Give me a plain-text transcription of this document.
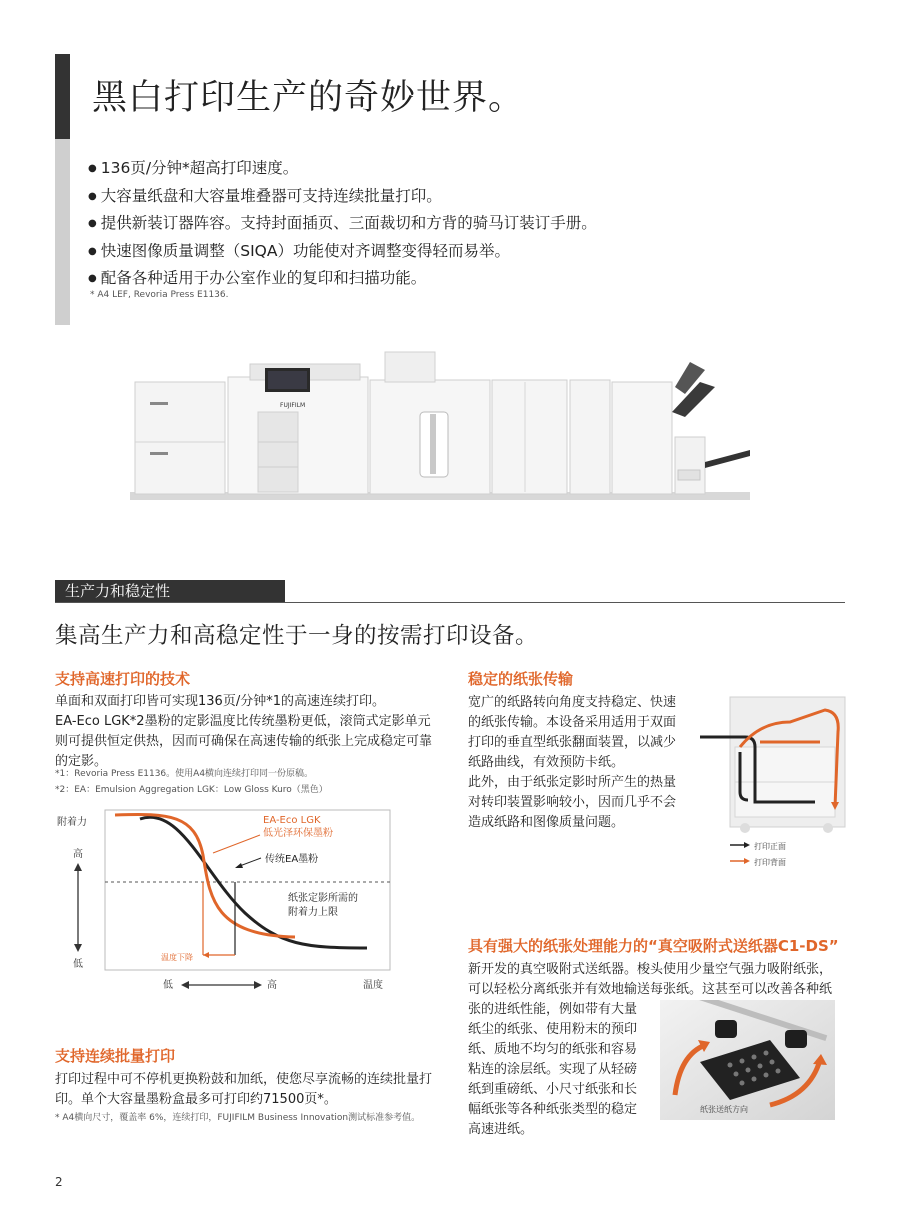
黑白打印生产的奇妙世界。
● 136页/分钟*超高打印速度。
● 大容量纸盘和大容量堆叠器可支持连续批量打印。
● 提供新装订器阵容。支持封面插页、三面裁切和方背的骑马订装订手册。
● 快速图像质量调整（SIQA）功能使对齐调整变得轻而易举。
● 配备各种适用于办公室作业的复印和扫描功能。
* A4 LEF, Revoria Press E1136.
FUJIFILM
生产力和稳定性
集高生产力和高稳定性于一身的按需打印设备。
支持高速打印的技术
单面和双面打印皆可实现136页/分钟*1的高速连续打印。
EA-Eco LGK*2墨粉的定影温度比传统墨粉更低，滚筒式定影单元则可提供恒定供热，因而可确保在高速传输的纸张上完成稳定可靠的定影。
*1：Revoria Press E1136。使用A4横向连续打印同一份原稿。
*2：EA：Emulsion Aggregation LGK：Low Gloss Kuro（黑色）
附着力
高
低
温度下降
EA-Eco LGK
低光泽环保墨粉
传统EA墨粉
纸张定影所需的
附着力上限
低	高	温度
支持连续批量打印
打印过程中可不停机更换粉鼓和加纸，使您尽享流畅的连续批量打印。单个大容量墨粉盒最多可打印约71500页*。
* A4横向尺寸，覆盖率 6%，连续打印，FUJIFILM Business Innovation测试标准参考值。
稳定的纸张传输
宽广的纸路转向角度支持稳定、快速
的纸张传输。本设备采用适用于双面
打印的垂直型纸张翻面装置，以减少
纸路曲线，有效预防卡纸。
此外，由于纸张定影时所产生的热量
对转印装置影响较小，因而几乎不会
造成纸路和图像质量问题。
打印正面
打印背面
具有强大的纸张处理能力的“真空吸附式送纸器C1-DS”
新开发的真空吸附式送纸器。梭头使用少量空气强力吸附纸张，
可以轻松分离纸张并有效地输送每张纸。这甚至可以改善各种纸
张的进纸性能，例如带有大量
纸尘的纸张、使用粉末的预印
纸、质地不均匀的纸张和容易
粘连的涂层纸。实现了从轻磅
纸到重磅纸、小尺寸纸张和长
幅纸张等各种纸张类型的稳定
高速进纸。
纸张送纸方向
2
